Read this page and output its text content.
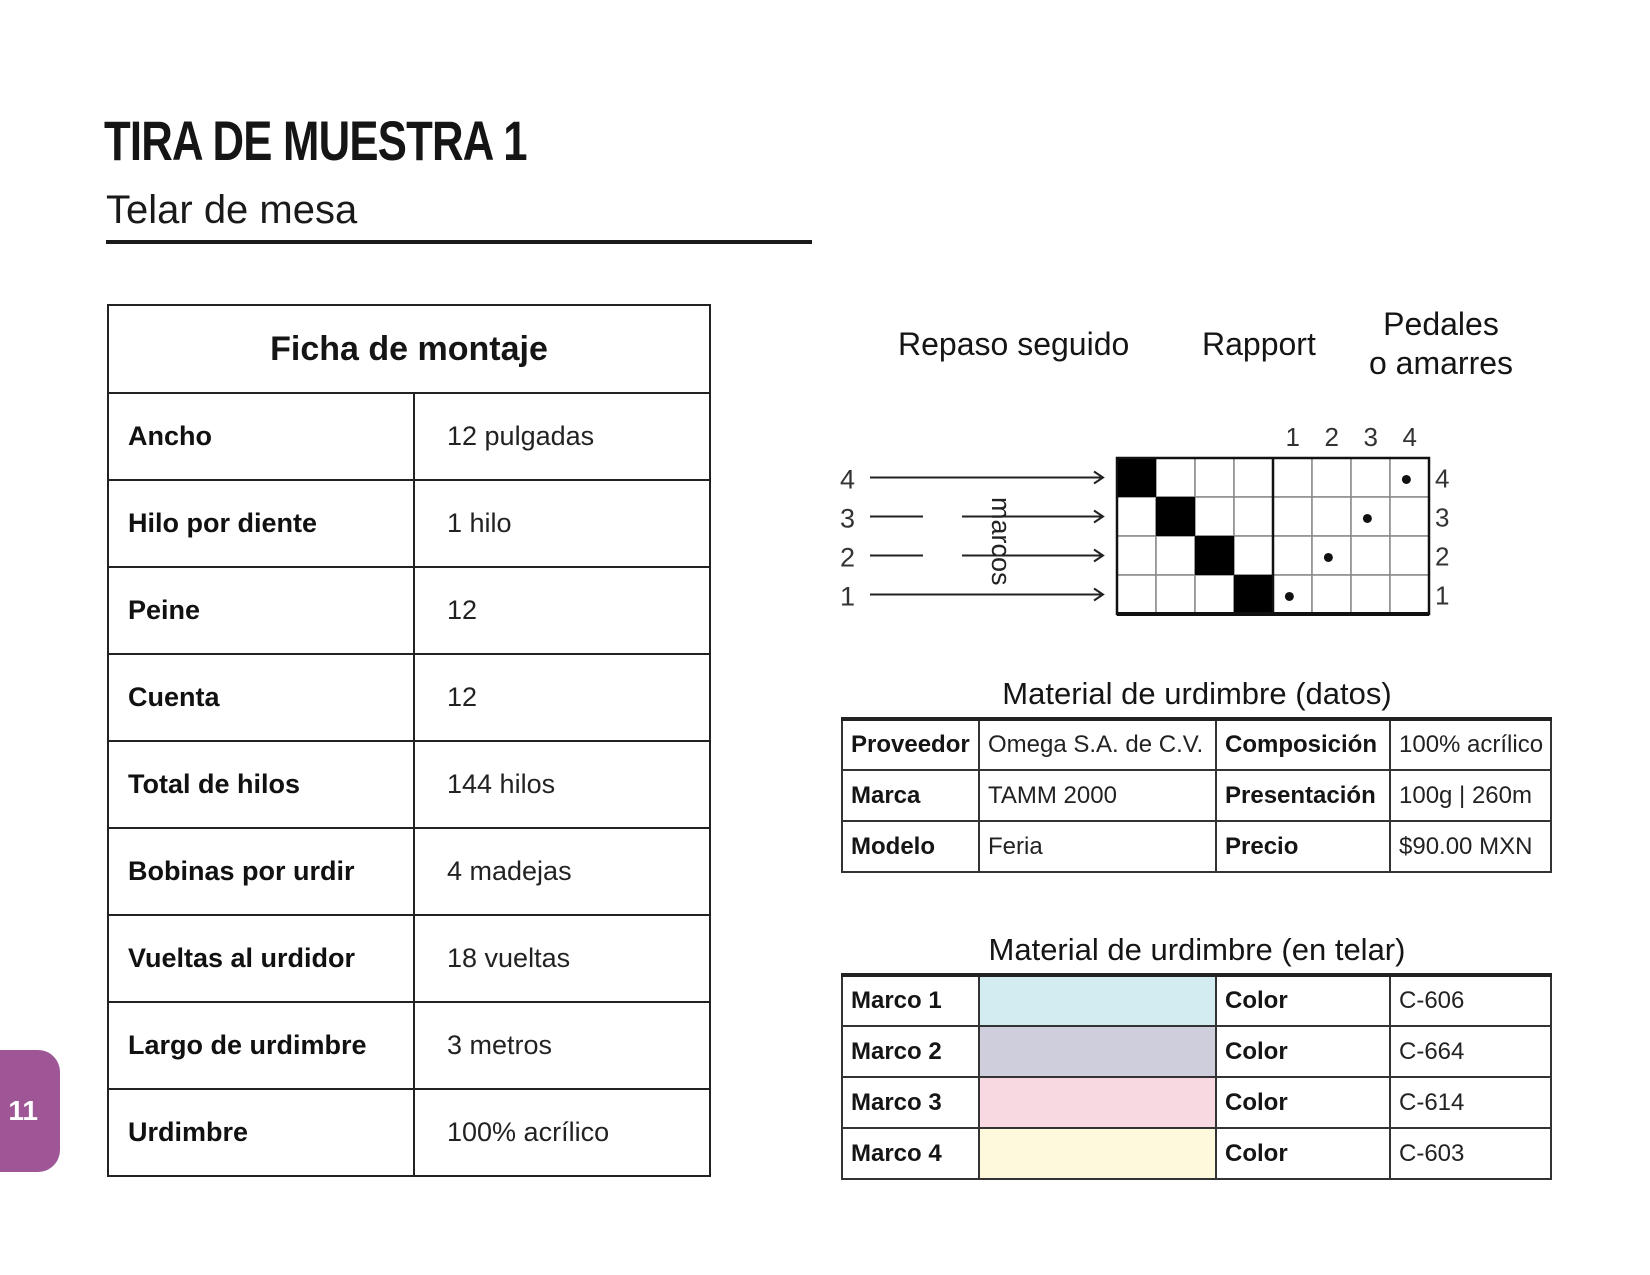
TIRA DE MUESTRA 1
Telar de mesa
Ficha de montaje	
Ancho	12 pulgadas
Hilo por diente	1 hilo
Peine	12
Cuenta	12
Total de hilos	144 hilos
Bobinas por urdir	4 madejas
Vueltas al urdidor	18 vueltas
Largo de urdimbre	3 metros
Urdimbre	100% acrílico
11
Repaso seguido Rapport
Pedales
o amarres
4
3
2
1
marcos
1 2 3 4
4
3
2
1
Material de urdimbre (datos)
Proveedor	Omega S.A. de C.V.	Composición	100% acrílico
Marca	TAMM 2000	Presentación	100g | 260m
Modelo	Feria	Precio	$90.00 MXN
Material de urdimbre (en telar)
Marco 1		Color	C-606
Marco 2		Color	C-664
Marco 3		Color	C-614
Marco 4		Color	C-603
